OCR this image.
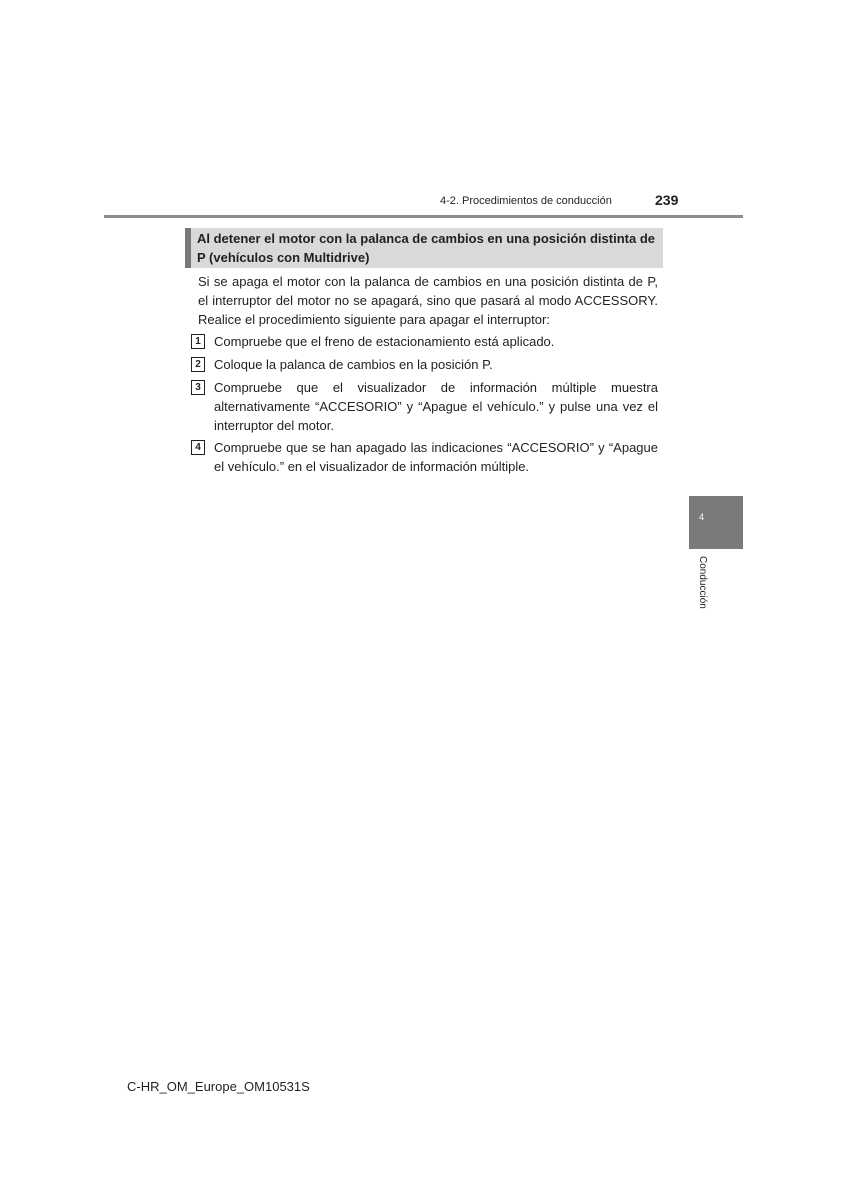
4-2. Procedimientos de conducción	239
Al detener el motor con la palanca de cambios en una posición distinta de P (vehículos con Multidrive)
Si se apaga el motor con la palanca de cambios en una posición distinta de P, el interruptor del motor no se apagará, sino que pasará al modo ACCESSORY. Realice el procedimiento siguiente para apagar el interruptor:
1	Compruebe que el freno de estacionamiento está aplicado.
2	Coloque la palanca de cambios en la posición P.
3	Compruebe que el visualizador de información múltiple muestra alternativamente “ACCESORIO” y “Apague el vehículo.” y pulse una vez el interruptor del motor.
4	Compruebe que se han apagado las indicaciones “ACCESORIO” y “Apague el vehículo.” en el visualizador de información múltiple.
4
Conducción
C-HR_OM_Europe_OM10531S
